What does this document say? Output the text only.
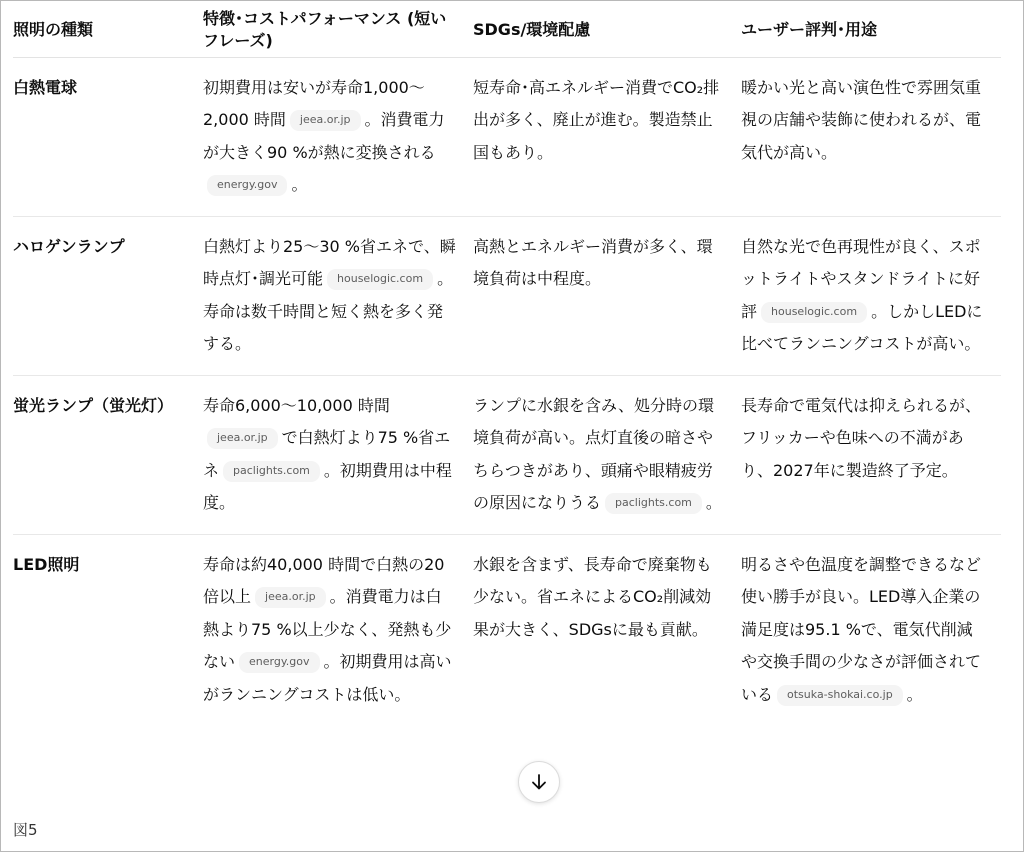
照明の種類	特徴･コストパフォーマンス (短いフレーズ)	SDGs/環境配慮	ユーザー評判･用途
白熱電球	初期費用は安いが寿命1,000〜2,000 時間 jeea.or.jp 。消費電力が大きく90 %が熱に変換されるenergy.gov 。	短寿命･高エネルギー消費でCO₂排出が多く、廃止が進む。製造禁止国もあり。	暖かい光と高い演色性で雰囲気重視の店舗や装飾に使われるが、電気代が高い。
ハロゲンランプ	白熱灯より25〜30 %省エネで、瞬時点灯･調光可能 houselogic.com 。寿命は数千時間と短く熱を多く発する。	高熱とエネルギー消費が多く、環境負荷は中程度。	自然な光で色再現性が良く、スポットライトやスタンドライトに好評 houselogic.com 。しかしLEDに比べてランニングコストが高い。
蛍光ランプ（蛍光灯）	寿命6,000〜10,000 時間jeea.or.jp で白熱灯より75 %省エネ paclights.com 。初期費用は中程度。	ランプに水銀を含み、処分時の環境負荷が高い。点灯直後の暗さやちらつきがあり、頭痛や眼精疲労の原因になりうる paclights.com 。	長寿命で電気代は抑えられるが、フリッカーや色味への不満があり、2027年に製造終了予定。
LED照明	寿命は約40,000 時間で白熱の20倍以上 jeea.or.jp 。消費電力は白熱より75 %以上少なく、発熱も少ない energy.gov 。初期費用は高いがランニングコストは低い。	水銀を含まず、長寿命で廃棄物も少ない。省エネによるCO₂削減効果が大きく、SDGsに最も貢献。	明るさや色温度を調整できるなど使い勝手が良い。LED導入企業の満足度は95.1 %で、電気代削減や交換手間の少なさが評価されている otsuka-shokai.co.jp 。
図5
